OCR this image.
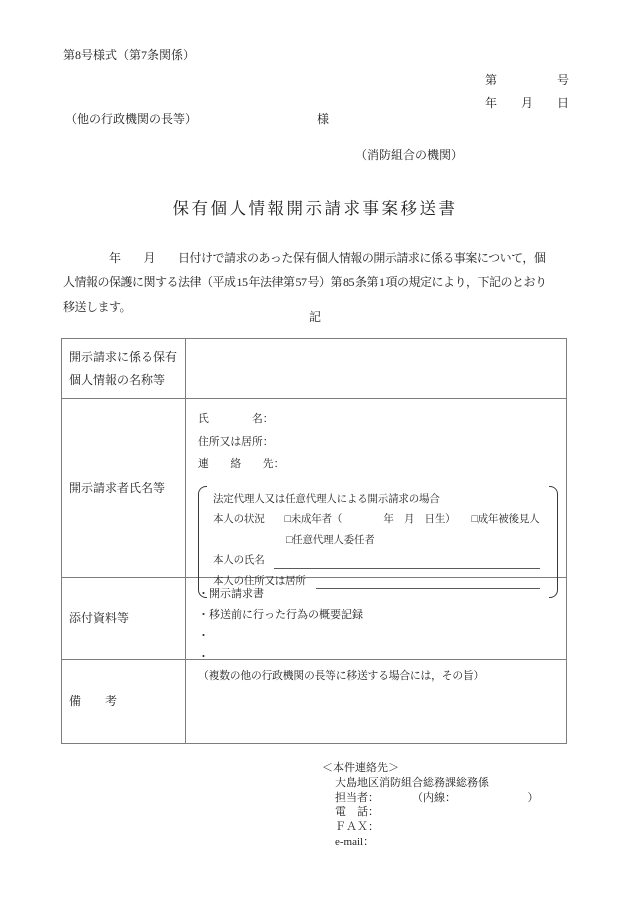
第8号様式（第7条関係）
第　　　　　号
年　　月　　日
（他の行政機関の長等）	様
（消防組合の機関）
保有個人情報開示請求事案移送書
　　　　年　　月　　日付けで請求のあった保有個人情報の開示請求に係る事案について，個
人情報の保護に関する法律（平成 15 年法律第 57 号）第 85 条第 1 項の規定により，下記のとおり
移送します。
記
開示請求に係る保有
個人情報の名称等
開示請求者氏名等
氏　　　　名：
住所又は居所：
連　　絡　　先：
法定代理人又は任意代理人による開示請求の場合
本人の状況 □未成年者（　　　　年　月　日生） □成年被後見人
□任意代理人委任者
本人の氏名
本人の住所又は居所
添付資料等
・開示請求書
・移送前に行った行為の概要記録
・
・
備　　考
（複数の他の行政機関の長等に移送する場合には，その旨）
＜本件連絡先＞
大島地区消防組合総務課総務係
担当者：　　　　（内線：　　　　　　　）
電　話：
ＦＡＸ：
e-mail：
